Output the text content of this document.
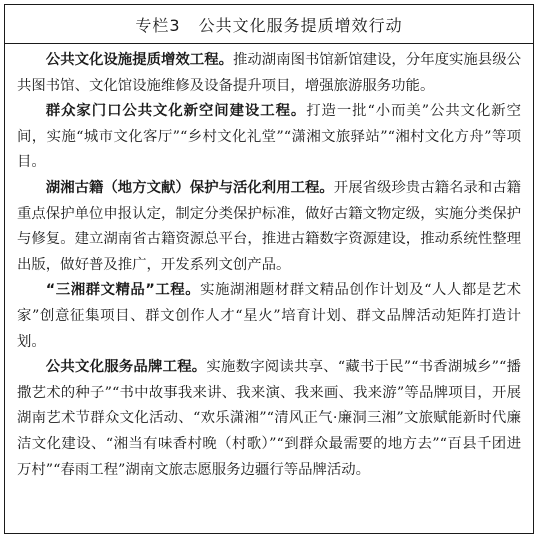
专栏3 公共文化服务提质增效行动

公共文化设施提质增效工程。推动湖南图书馆新馆建设，分年度实施县级公共图书馆、文化馆设施维修及设备提升项目，增强旅游服务功能。

群众家门口公共文化新空间建设工程。打造一批“小而美”公共文化新空间，实施“城市文化客厅”“乡村文化礼堂”“潇湘文旅驿站”“湘村文化方舟”等项目。

湖湘古籍（地方文献）保护与活化利用工程。开展省级珍贵古籍名录和古籍重点保护单位申报认定，制定分类保护标准，做好古籍文物定级，实施分类保护与修复。建立湖南省古籍资源总平台，推进古籍数字资源建设，推动系统性整理出版，做好普及推广，开发系列文创产品。

“三湘群文精品”工程。实施湖湘题材群文精品创作计划及“人人都是艺术家”创意征集项目、群文创作人才“星火”培育计划、群文品牌活动矩阵打造计划。

公共文化服务品牌工程。实施数字阅读共享、“藏书于民”“书香湖城乡”“播撒艺术的种子”“书中故事我来讲、我来演、我来画、我来游”等品牌项目，开展湖南艺术节群众文化活动、“欢乐潇湘”“清风正气·廉洞三湘”文旅赋能新时代廉洁文化建设、“湘当有味香村晚（村歌）”“到群众最需要的地方去”“百县千团进万村”“春雨工程”湖南文旅志愿服务边疆行等品牌活动。
